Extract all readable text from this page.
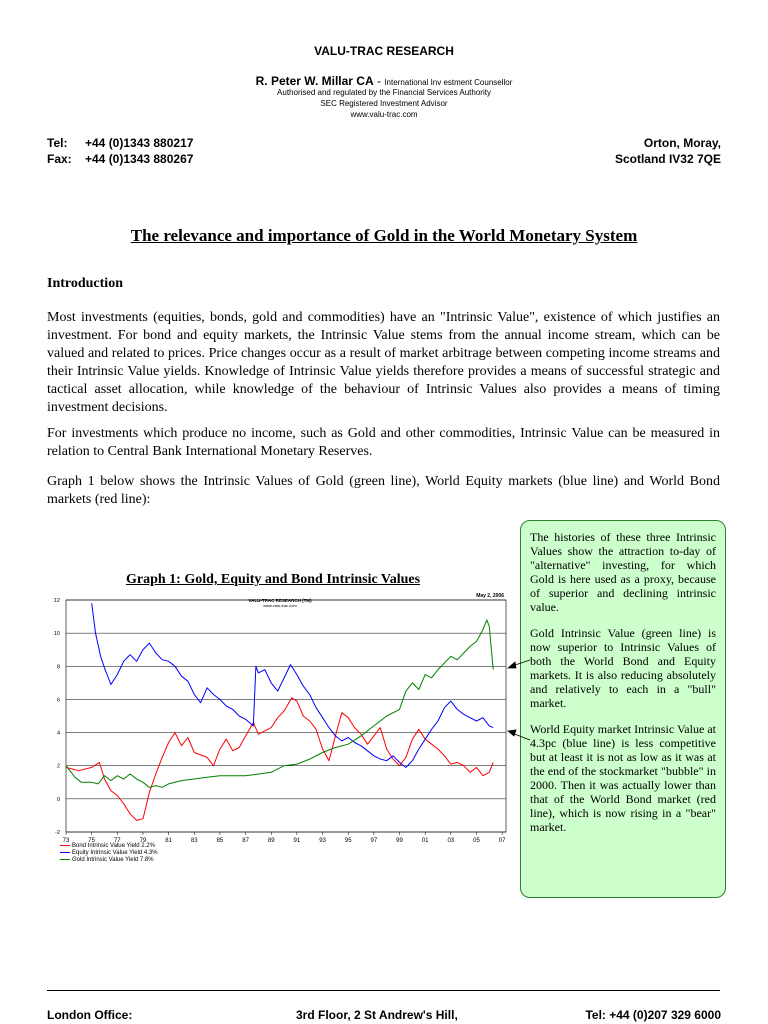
VALU-TRAC RESEARCH
R. Peter W. Millar CA - International Inv estment Counsellor
Authorised and regulated by the Financial Services Authority
SEC Registered Investment Advisor
www.valu-trac.com
Tel: +44 (0)1343 880217
Fax: +44 (0)1343 880267
Orton, Moray,
Scotland IV32 7QE
The relevance and importance of Gold in the World Monetary System
Introduction
Most investments (equities, bonds, gold and commodities) have an "Intrinsic Value", existence of which justifies an investment. For bond and equity markets, the Intrinsic Value stems from the annual income stream, which can be valued and related to prices. Price changes occur as a result of market arbitrage between competing income streams and their Intrinsic Value yields. Knowledge of Intrinsic Value yields therefore provides a means of successful strategic and tactical asset allocation, while knowledge of the behaviour of Intrinsic Values also provides a means of timing investment decisions.
For investments which produce no income, such as Gold and other commodities, Intrinsic Value can be measured in relation to Central Bank International Monetary Reserves.
Graph 1 below shows the Intrinsic Values of Gold (green line), World Equity markets (blue line) and World Bond markets (red line):
Graph 1: Gold, Equity and Bond Intrinsic Values
-2
0
2
4
6
8
10
12
73	75	77	79	81	83	85	87	89	91	93	95	97	99	01	03	05	07
VALU-TRAC RESEARCH (TM)
www.valu-trac.com
May 2, 2006
Bond Intrinsic Value Yield 2.2%
Equity Intrinsic Value Yield 4.3%
Gold Intrinsic Value Yield 7.8%

The histories of these three Intrinsic Values show the attraction to-day of "alternative" investing, for which Gold is here used as a proxy, because of superior and declining intrinsic value.

Gold Intrinsic Value (green line) is now superior to Intrinsic Values of both the World Bond and Equity markets. It is also reducing absolutely and relatively to each in a "bull" market.

World Equity market Intrinsic Value at 4.3pc (blue line) is less competitive but at least it is not as low as it was at the end of the stockmarket "bubble" in 2000. Then it was actually lower than that of the World Bond market (red line), which is now rising in a "bear" market.

London Office:	3rd Floor, 2 St Andrew's Hill,	Tel: +44 (0)207 329 6000
